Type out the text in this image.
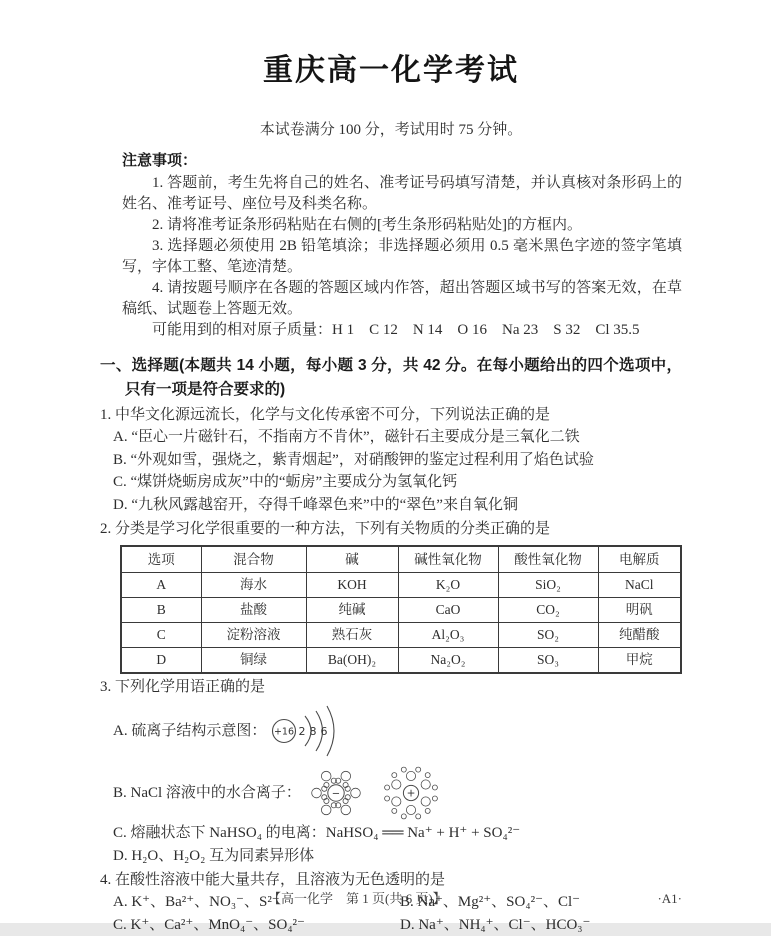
重庆高一化学考试

本试卷满分 100 分，考试用时 75 分钟。

注意事项：

1. 答题前，考生先将自己的姓名、准考证号码填写清楚，并认真核对条形码上的姓名、准考证号、座位号及科类名称。

2. 请将准考证条形码粘贴在右侧的[考生条形码粘贴处]的方框内。

3. 选择题必须使用 2B 铅笔填涂；非选择题必须用 0.5 毫米黑色字迹的签字笔填写，字体工整、笔迹清楚。

4. 请按题号顺序在各题的答题区域内作答，超出答题区域书写的答案无效，在草稿纸、试题卷上答题无效。

可能用到的相对原子质量：H 1　C 12　N 14　O 16　Na 23　S 32　Cl 35.5

一、选择题(本题共 14 小题，每小题 3 分，共 42 分。在每小题给出的四个选项中，只有一项是符合要求的)
1. 中华文化源远流长，化学与文化传承密不可分，下列说法正确的是
A. “臣心一片磁针石，不指南方不肯休”，磁针石主要成分是三氧化二铁
B. “外观如雪，强烧之，紫青烟起”，对硝酸钾的鉴定过程利用了焰色试验
C. “煤饼烧蛎房成灰”中的“蛎房”主要成分为氢氧化钙
D. “九秋风露越窑开，夺得千峰翠色来”中的“翠色”来自氧化铜
2. 分类是学习化学很重要的一种方法，下列有关物质的分类正确的是
选项	混合物	碱	碱性氧化物	酸性氧化物	电解质
A	海水	KOH	K₂O	SiO₂	NaCl
B	盐酸	纯碱	CaO	CO₂	明矾
C	淀粉溶液	熟石灰	Al₂O₃	SO₂	纯醋酸
D	铜绿	Ba(OH)₂	Na₂O₂	SO₃	甲烷
3. 下列化学用语正确的是
A. 硫离子结构示意图： +16 2 8 6
B. NaCl 溶液中的水合离子：	−	+
C. 熔融状态下 NaHSO₄ 的电离：NaHSO₄ ══ Na⁺ + H⁺ + SO₄²⁻
D. H₂O、H₂O₂ 互为同素异形体
4. 在酸性溶液中能大量共存，且溶液为无色透明的是
A. K⁺、Ba²⁺、NO₃⁻、S²⁻	B. Na⁺、Mg²⁺、SO₄²⁻、Cl⁻
C. K⁺、Ca²⁺、MnO₄⁻、SO₄²⁻	D. Na⁺、NH₄⁺、Cl⁻、HCO₃⁻
【高一化学　第 1 页(共 6 页)】	·A1·
